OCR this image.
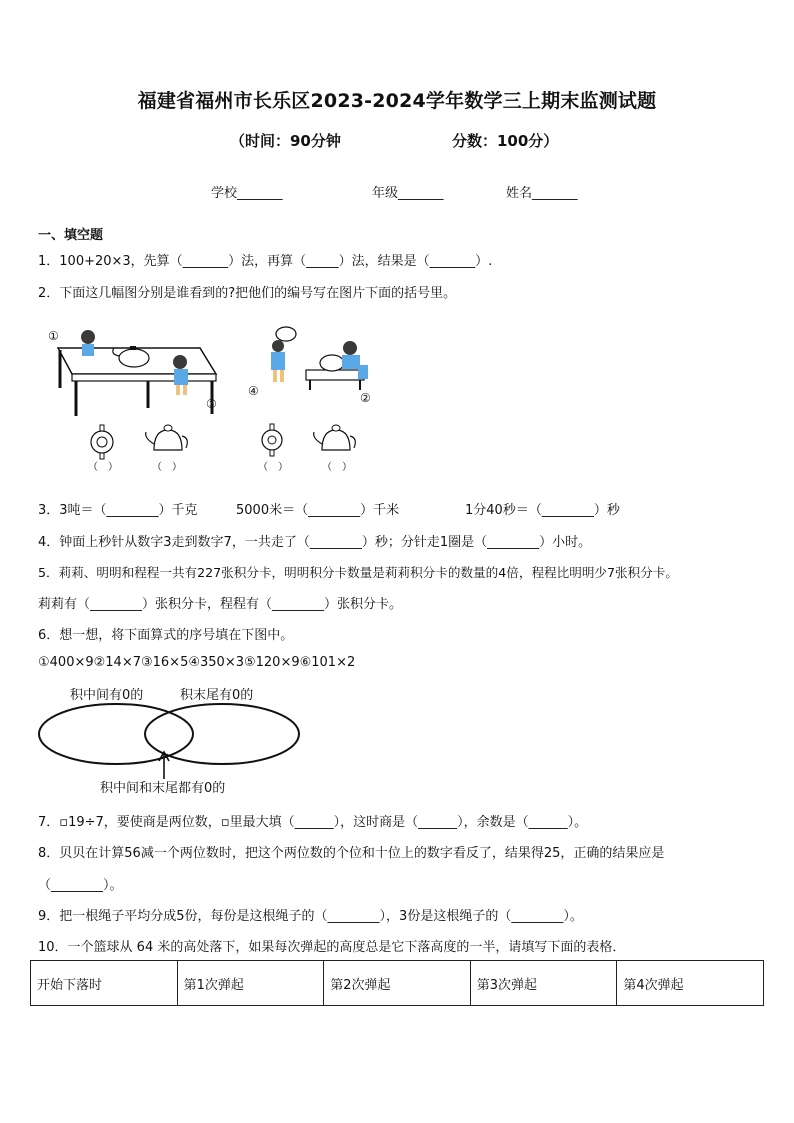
福建省福州市长乐区2023-2024学年数学三上期末监测试题
（时间：90分钟	分数：100分）
学校_______	年级_______	姓名_______
一、填空题
1．100+20×3，先算（_______）法，再算（_____）法，结果是（_______）.
2．下面这几幅图分别是谁看到的?把他们的编号写在图片下面的括号里。
①
③
④	②
（　）	（　）	（　）	（　）
3．3吨＝（________）千克	5000米＝（________）千米	1分40秒＝（________）秒
4．钟面上秒针从数字3走到数字7，一共走了（________）秒；分针走1圈是（________）小时。
5．莉莉、明明和程程一共有227张积分卡，明明积分卡数量是莉莉积分卡的数量的4倍，程程比明明少7张积分卡。
莉莉有（________）张积分卡，程程有（________）张积分卡。
6．想一想，将下面算式的序号填在下图中。
①400×9②14×7③16×5④350×3⑤120×9⑥101×2
积中间有0的	积末尾有0的
积中间和末尾都有0的
7．▫19÷7，要使商是两位数，▫里最大填（______），这时商是（______），余数是（______）。
8．贝贝在计算56减一个两位数时，把这个两位数的个位和十位上的数字看反了，结果得25，正确的结果应是
（________）。
9．把一根绳子平均分成5份，每份是这根绳子的（________），3份是这根绳子的（________）。
10．一个篮球从 64 米的高处落下，如果每次弹起的高度总是它下落高度的一半，请填写下面的表格．
开始下落时	第1次弹起	第2次弹起	第3次弹起	第4次弹起
